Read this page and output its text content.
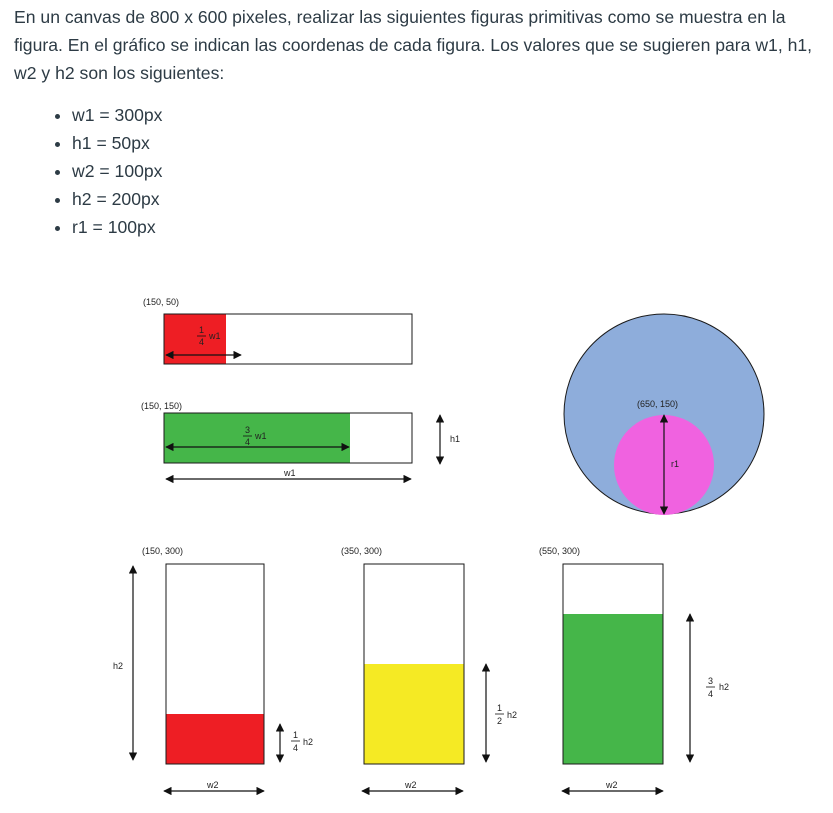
En un canvas de 800 x 600 pixeles, realizar las siguientes figuras primitivas como se muestra en la figura. En el gráfico se indican las coordenas de cada figura. Los valores que se sugieren para w1, h1, w2 y h2 son los siguientes:

• w1 = 300px
• h1 = 50px
• w2 = 100px
• h2 = 200px
• r1 = 100px
(150, 50)
1
4
w1
(150, 150)
3
4
w1	h1
w1
(650, 150)
r1
(150, 300)
h2
1
4
h2
w2
(350, 300)
1
2
h2
w2
(550, 300)
3
4
h2
w2
